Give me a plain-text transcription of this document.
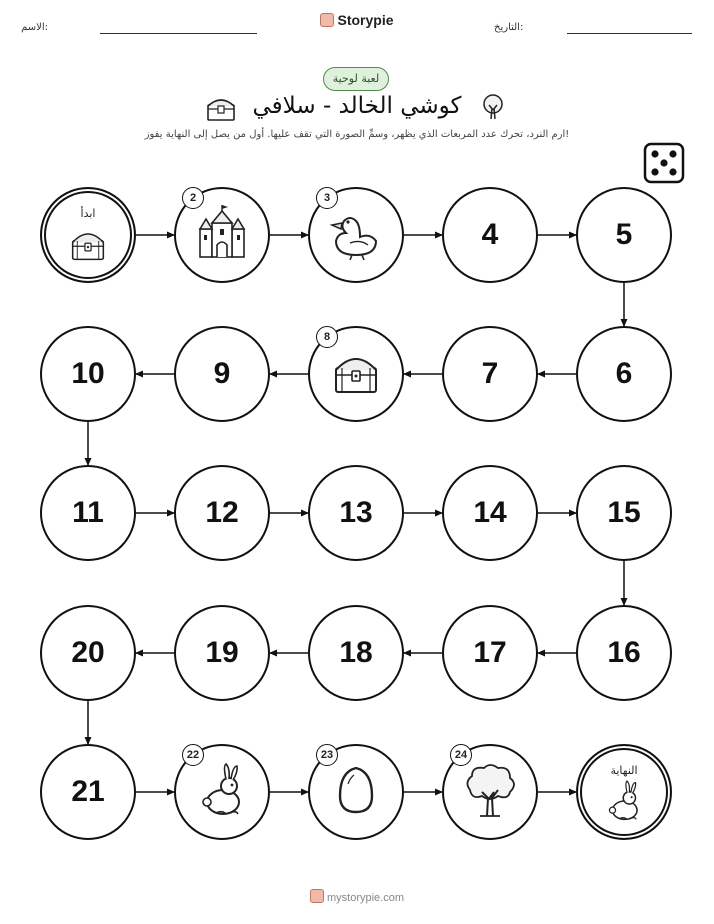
الاسم:	Storypie	التاريخ:
لعبة لوحية
كوشي الخالد - سلافي
ارم النرد، تحرك عدد المربعات الذي يظهر، وسمِّ الصورة التي تقف عليها. أول من يصل إلى النهاية يفوز!
ابدأ
2	3
4	5
6
7
8
9
10
11	12	13	14	15
16
17
18
19
20
21
22	23	24
النهاية
mystorypie.com
